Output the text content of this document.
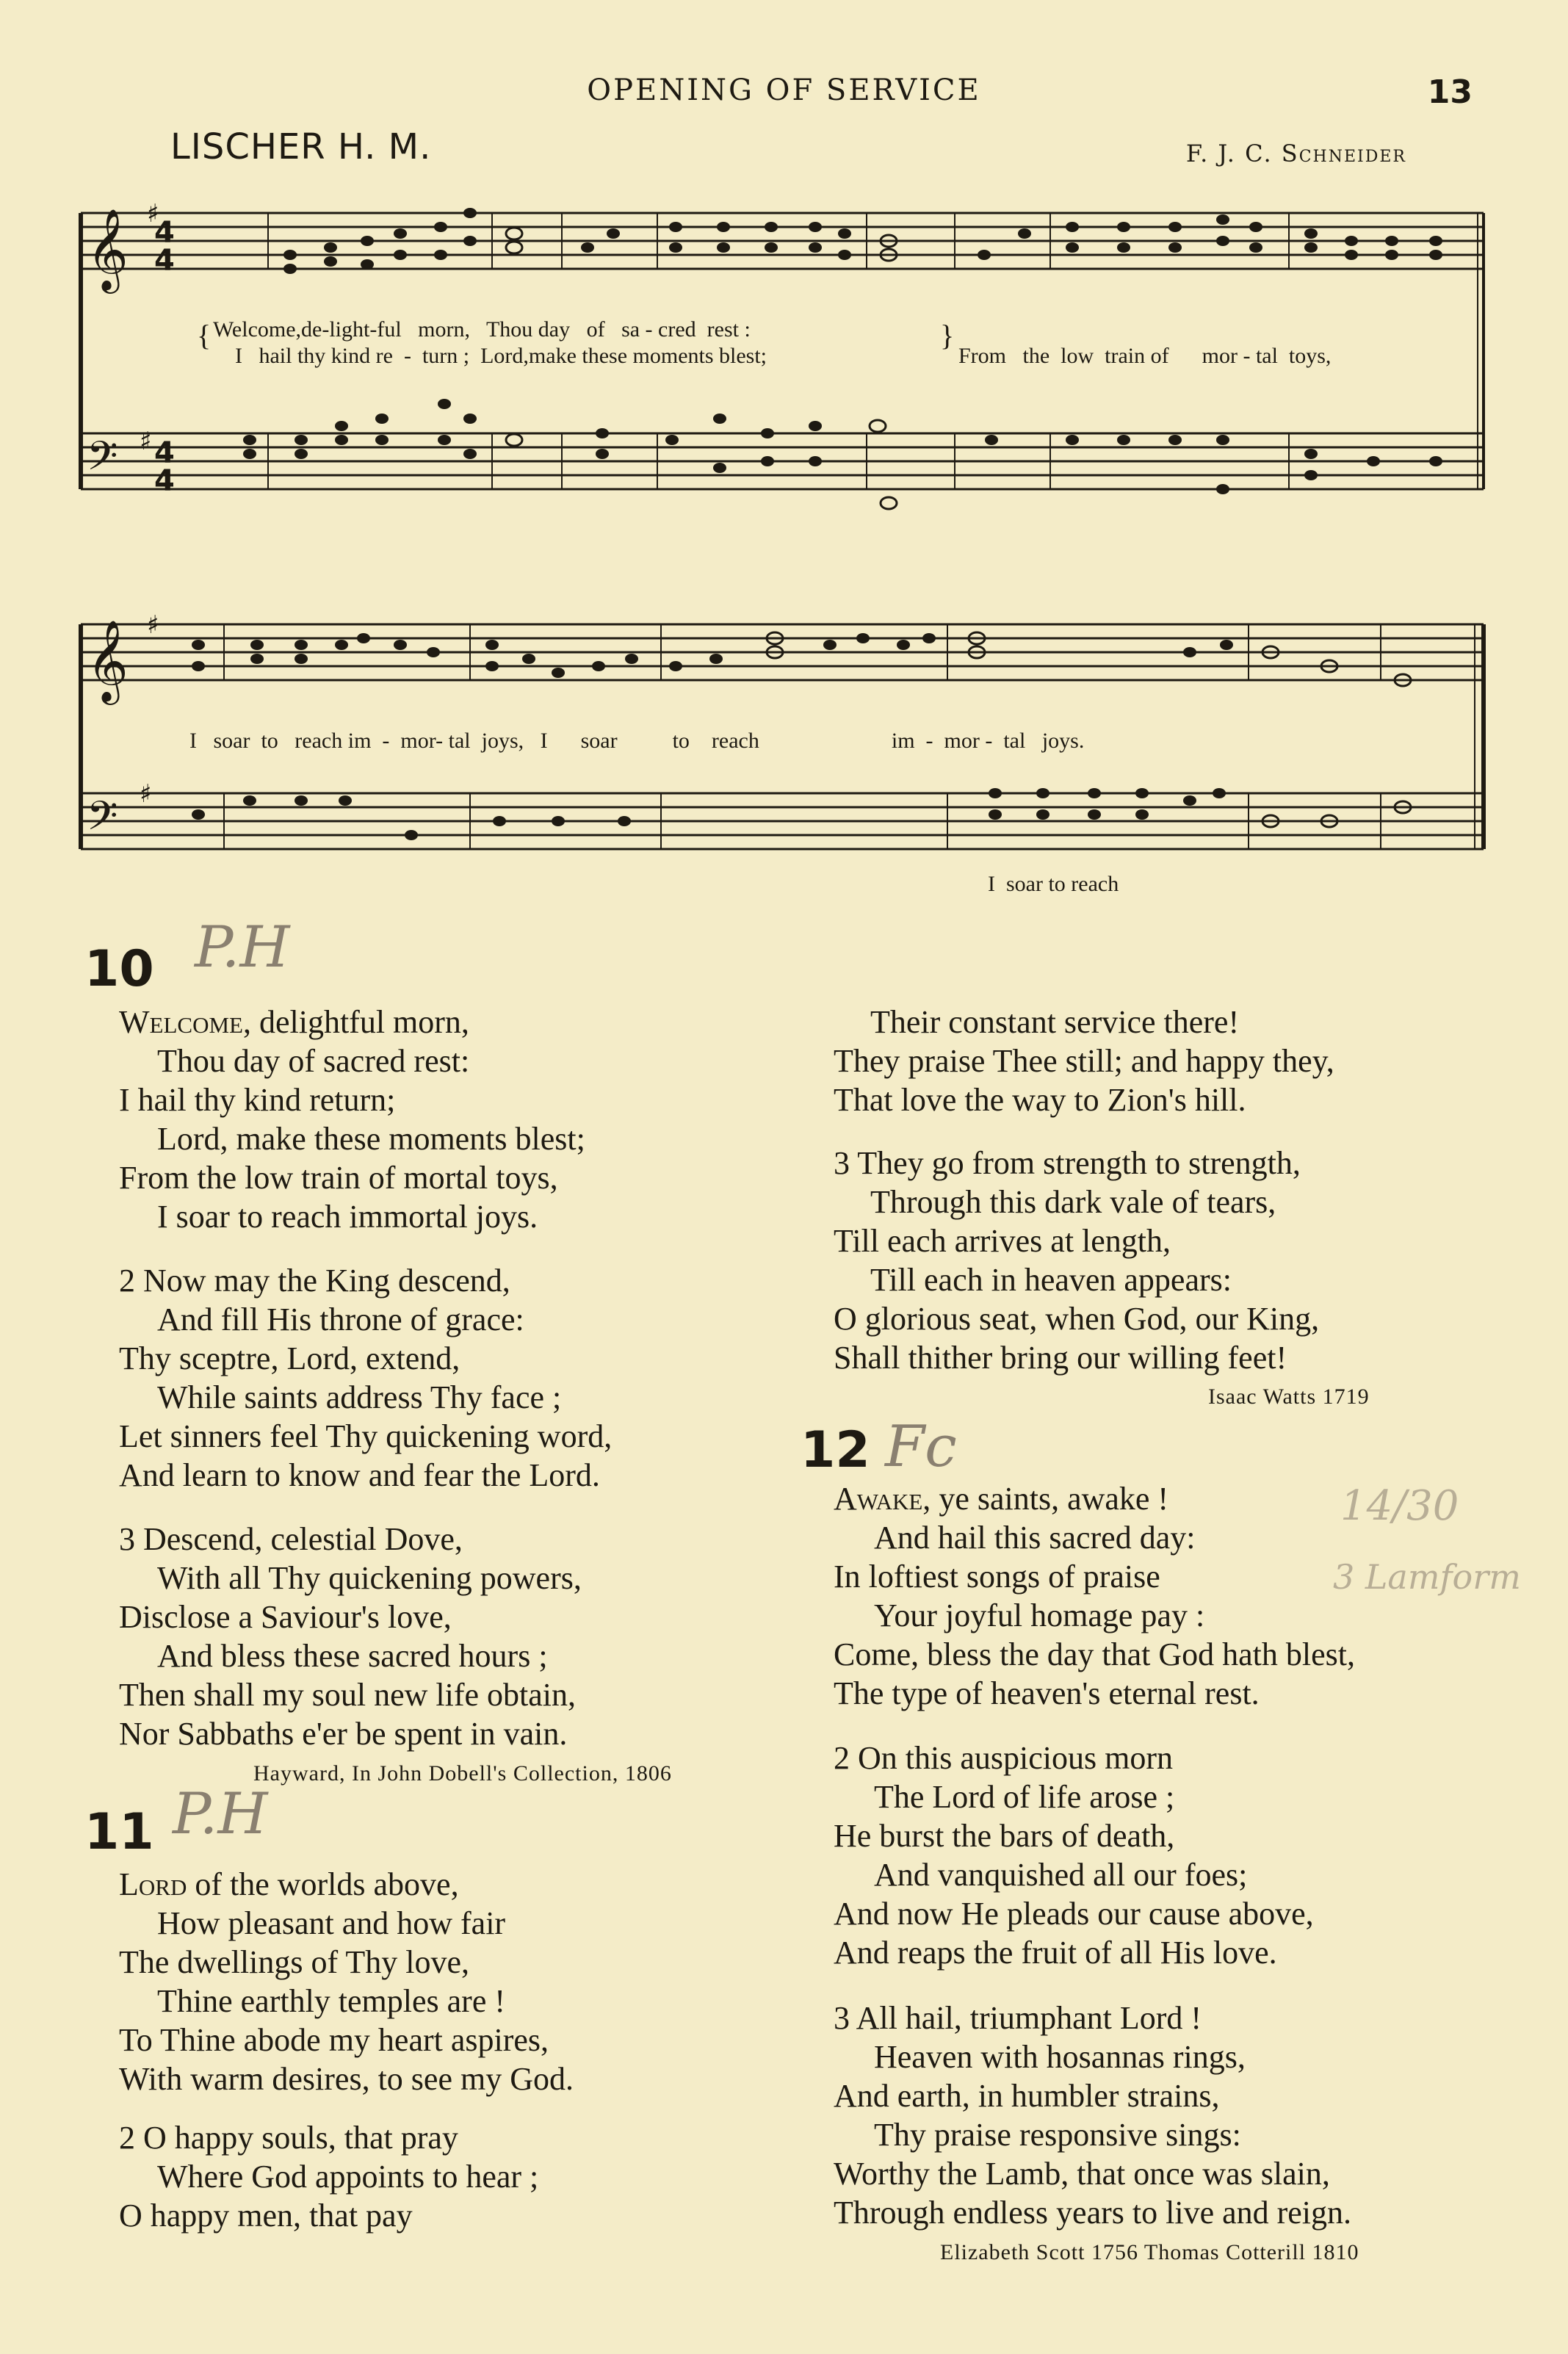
OPENING OF SERVICE	13
LISCHER H. M.	F. J. C. Schneider
𝄞 4
4
𝄢 4
4
♯
♯
𝄞 ♯
𝄢 ♯
Welcome,de-light-ful   morn,   Thou day   of   sa - cred  rest :
I   hail thy kind re  -  turn ;  Lord,make these moments blest;	From   the  low  train of      mor - tal  toys,
I   soar  to   reach im  -  mor- tal  joys,   I      soar          to    reach                        im  -  mor -  tal   joys.
I  soar to reach
{	}
10 P.H
Welcome, delightful morn,
Thou day of sacred rest:
I hail thy kind return;
Lord, make these moments blest;
From the low train of mortal toys,
I soar to reach immortal joys.
2 Now may the King descend,
And fill His throne of grace:
Thy sceptre, Lord, extend,
While saints address Thy face ;
Let sinners feel Thy quickening word,
And learn to know and fear the Lord.
3 Descend, celestial Dove,
With all Thy quickening powers,
Disclose a Saviour's love,
And bless these sacred hours ;
Then shall my soul new life obtain,
Nor Sabbaths e'er be spent in vain.
Hayward, In John Dobell's Collection, 1806
11 P.H
Lord of the worlds above,
How pleasant and how fair
The dwellings of Thy love,
Thine earthly temples are !
To Thine abode my heart aspires,
With warm desires, to see my God.
2 O happy souls, that pray
Where God appoints to hear ;
O happy men, that pay
Their constant service there!
They praise Thee still; and happy they,
That love the way to Zion's hill.
3 They go from strength to strength,
Through this dark vale of tears,
Till each arrives at length,
Till each in heaven appears:
O glorious seat, when God, our King,
Shall thither bring our willing feet!
Isaac Watts 1719
12 Fc
14/30
3 Lamform
Awake, ye saints, awake !
And hail this sacred day:
In loftiest songs of praise
Your joyful homage pay :
Come, bless the day that God hath blest,
The type of heaven's eternal rest.
2 On this auspicious morn
The Lord of life arose ;
He burst the bars of death,
And vanquished all our foes;
And now He pleads our cause above,
And reaps the fruit of all His love.
3 All hail, triumphant Lord !
Heaven with hosannas rings,
And earth, in humbler strains,
Thy praise responsive sings:
Worthy the Lamb, that once was slain,
Through endless years to live and reign.
Elizabeth Scott 1756 Thomas Cotterill 1810
